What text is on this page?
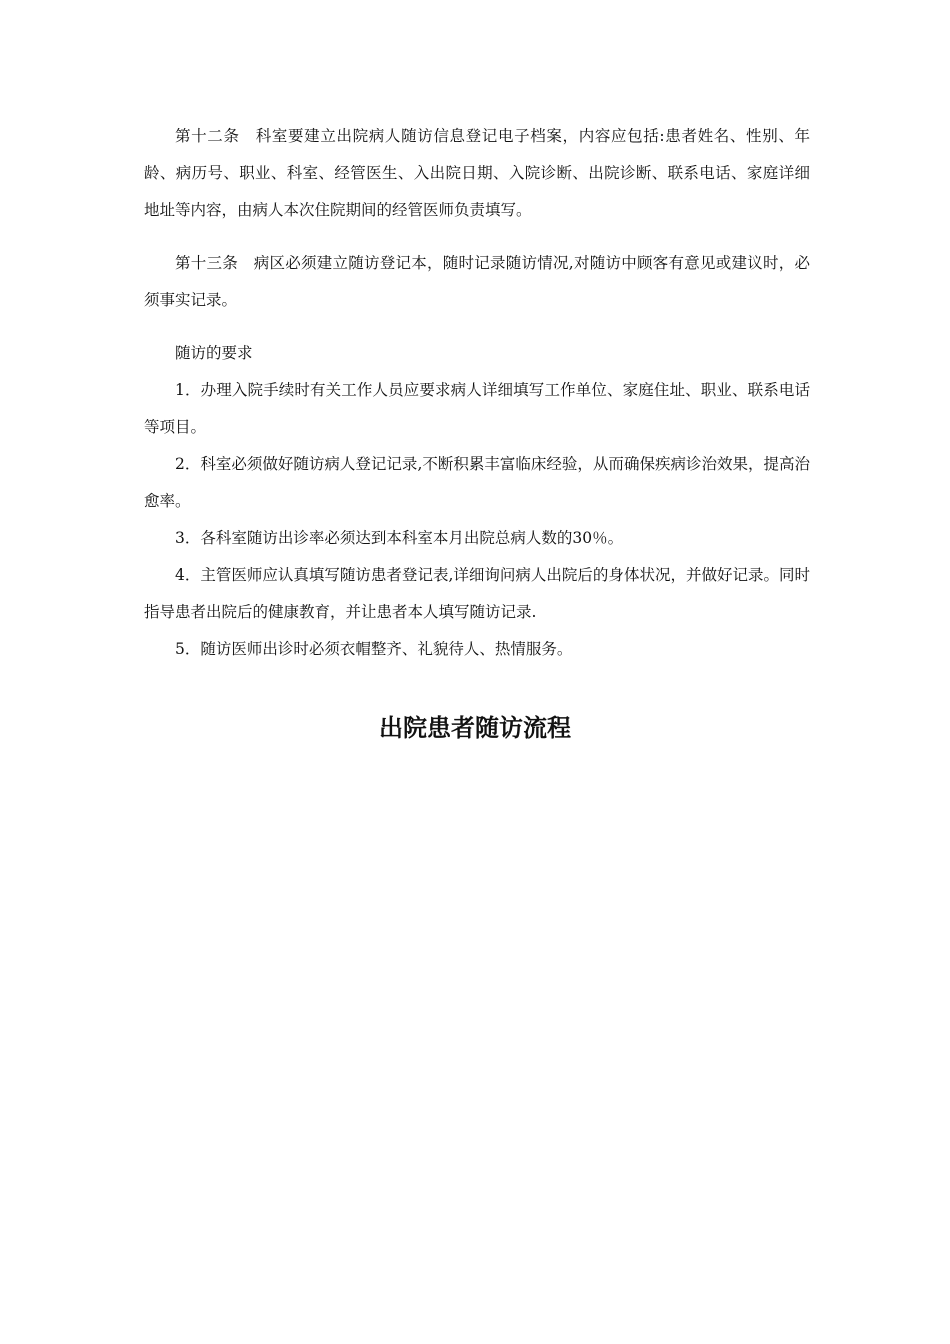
第十二条　科室要建立出院病人随访信息登记电子档案，内容应包括:患者姓名、性别、年龄、病历号、职业、科室、经管医生、入出院日期、入院诊断、出院诊断、联系电话、家庭详细地址等内容，由病人本次住院期间的经管医师负责填写。

第十三条　病区必须建立随访登记本，随时记录随访情况,对随访中顾客有意见或建议时，必须事实记录。

随访的要求

1．办理入院手续时有关工作人员应要求病人详细填写工作单位、家庭住址、职业、联系电话等项目。

2．科室必须做好随访病人登记记录,不断积累丰富临床经验，从而确保疾病诊治效果，提高治愈率。

3．各科室随访出诊率必须达到本科室本月出院总病人数的30％。

4．主管医师应认真填写随访患者登记表,详细询问病人出院后的身体状况，并做好记录。同时指导患者出院后的健康教育，并让患者本人填写随访记录.

5．随访医师出诊时必须衣帽整齐、礼貌待人、热情服务。

出院患者随访流程
